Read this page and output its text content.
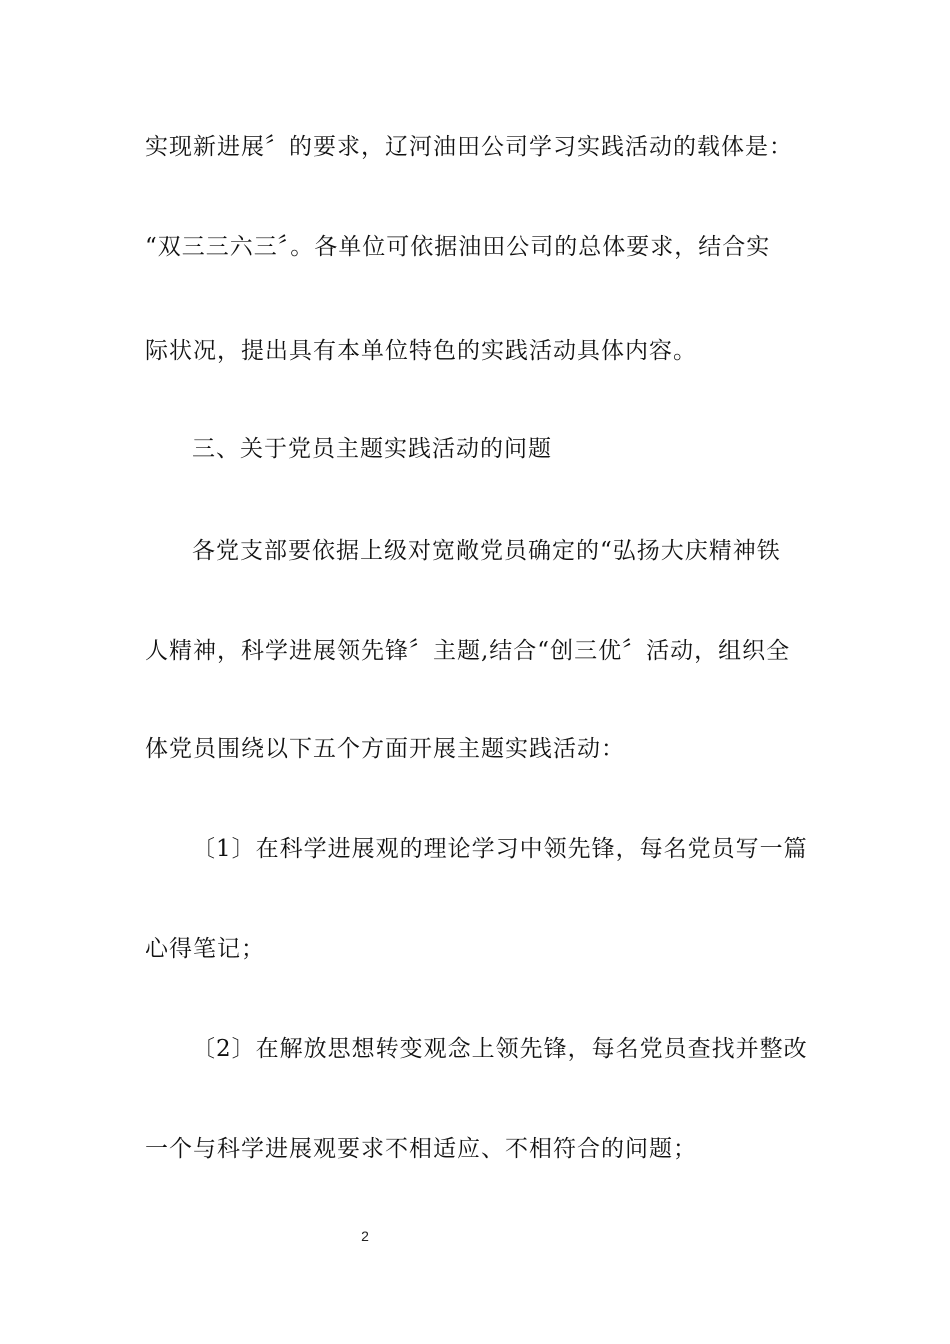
实现新进展〞的要求，辽河油田公司学习实践活动的载体是：
“双三三六三〞。各单位可依据油田公司的总体要求，结合实
际状况，提出具有本单位特色的实践活动具体内容。
三、关于党员主题实践活动的问题
各党支部要依据上级对宽敞党员确定的“弘扬大庆精神铁
人精神，科学进展领先锋〞主题,结合“创三优〞活动，组织全
体党员围绕以下五个方面开展主题实践活动：
〔1〕在科学进展观的理论学习中领先锋，每名党员写一篇
心得笔记；
〔2〕在解放思想转变观念上领先锋，每名党员查找并整改
一个与科学进展观要求不相适应、不相符合的问题；
2
